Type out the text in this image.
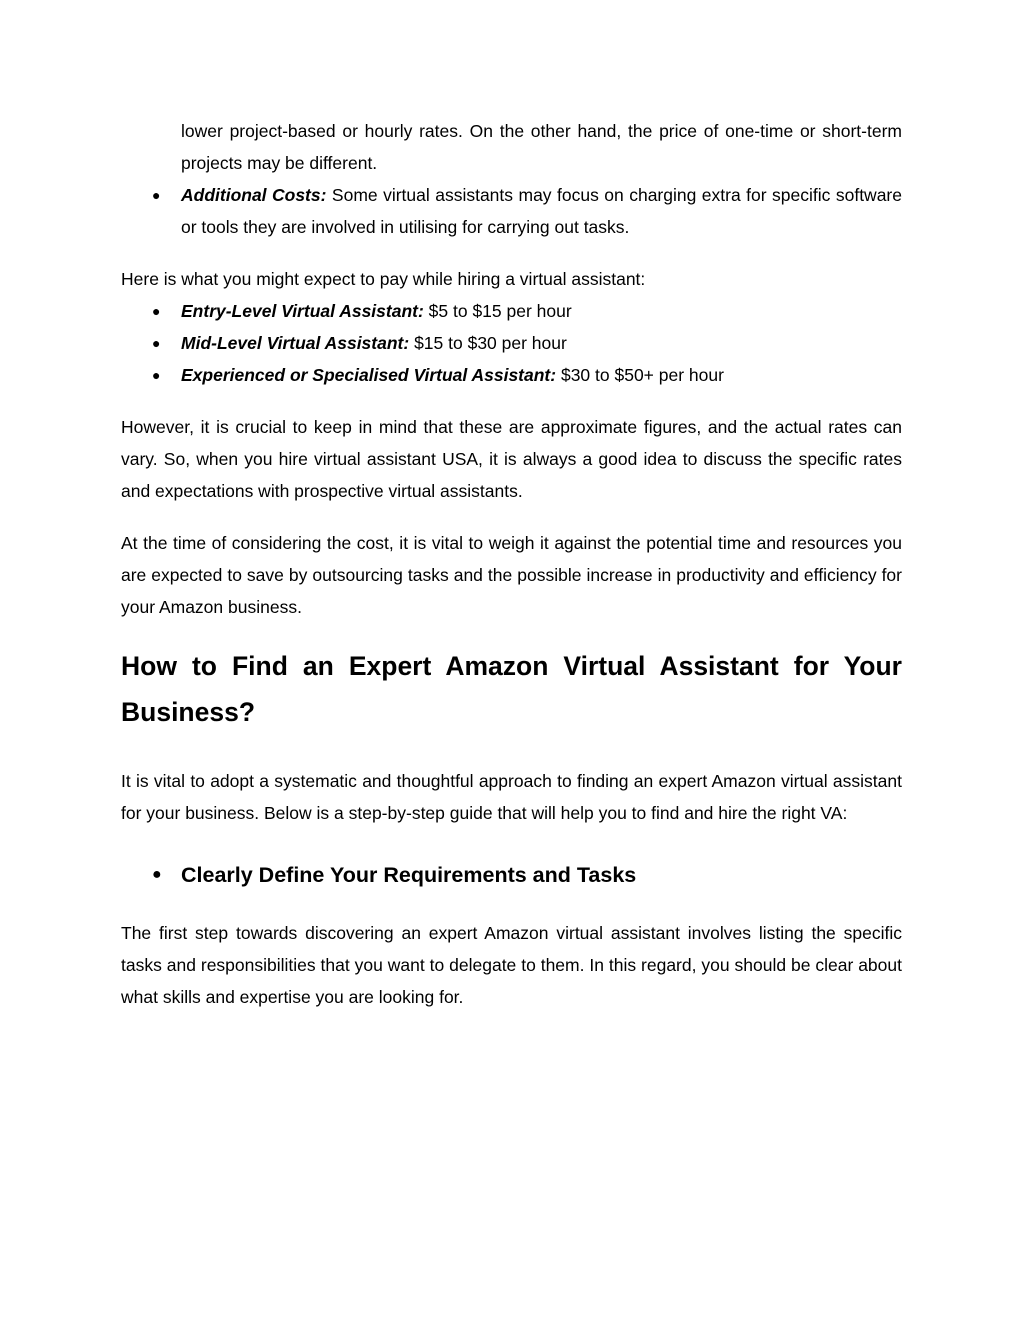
lower project-based or hourly rates. On the other hand, the price of one-time or short-term projects may be different.

● Additional Costs: Some virtual assistants may focus on charging extra for specific software or tools they are involved in utilising for carrying out tasks.

Here is what you might expect to pay while hiring a virtual assistant:

● Entry-Level Virtual Assistant: $5 to $15 per hour
● Mid-Level Virtual Assistant: $15 to $30 per hour
● Experienced or Specialised Virtual Assistant: $30 to $50+ per hour

However, it is crucial to keep in mind that these are approximate figures, and the actual rates can vary. So, when you hire virtual assistant USA, it is always a good idea to discuss the specific rates and expectations with prospective virtual assistants.

At the time of considering the cost, it is vital to weigh it against the potential time and resources you are expected to save by outsourcing tasks and the possible increase in productivity and efficiency for your Amazon business.

How to Find an Expert Amazon Virtual Assistant for Your Business?

It is vital to adopt a systematic and thoughtful approach to finding an expert Amazon virtual assistant for your business. Below is a step-by-step guide that will help you to find and hire the right VA:

● Clearly Define Your Requirements and Tasks

The first step towards discovering an expert Amazon virtual assistant involves listing the specific tasks and responsibilities that you want to delegate to them. In this regard, you should be clear about what skills and expertise you are looking for.
